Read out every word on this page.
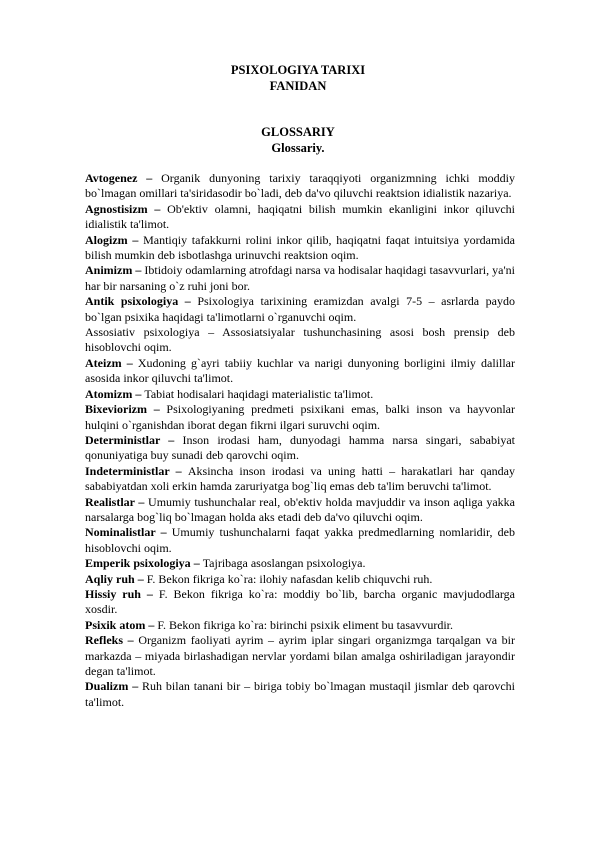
PSIXOLOGIYA TARIXI
FANIDAN
GLOSSARIY
Glossariy.

Avtogenez – Organik dunyoning tarixiy taraqqiyoti organizmning ichki moddiy bo`lmagan omillari ta'siridasodir bo`ladi, deb da'vo qiluvchi reaktsion idialistik nazariya.

Agnostisizm – Ob'ektiv olamni, haqiqatni bilish mumkin ekanligini inkor qiluvchi idialistik ta'limot.

Alogizm – Mantiqiy tafakkurni rolini inkor qilib, haqiqatni faqat intuitsiya yordamida bilish mumkin deb isbotlashga urinuvchi reaktsion oqim.

Animizm – Ibtidoiy odamlarning atrofdagi narsa va hodisalar haqidagi tasavvurlari, ya'ni har bir narsaning o`z ruhi joni bor.

Antik psixologiya – Psixologiya tarixining eramizdan avalgi 7-5 – asrlarda paydo bo`lgan psixika haqidagi ta'limotlarni o`rganuvchi oqim.

Assosiativ psixologiya – Assosiatsiyalar tushunchasining asosi bosh prensip deb hisoblovchi oqim.

Ateizm – Xudoning g`ayri tabiiy kuchlar va narigi dunyoning borligini ilmiy dalillar asosida inkor qiluvchi ta'limot.

Atomizm – Tabiat hodisalari haqidagi materialistic ta'limot.

Bixeviorizm – Psixologiyaning predmeti psixikani emas, balki inson va hayvonlar hulqini o`rganishdan iborat degan fikrni ilgari suruvchi oqim.

Deterministlar – Inson irodasi ham, dunyodagi hamma narsa singari, sababiyat qonuniyatiga buy sunadi deb qarovchi oqim.

Indeterministlar – Aksincha inson irodasi va uning hatti – harakatlari har qanday sababiyatdan xoli erkin hamda zaruriyatga bog`liq emas deb ta'lim beruvchi ta'limot.

Realistlar – Umumiy tushunchalar real, ob'ektiv holda mavjuddir va inson aqliga yakka narsalarga bog`liq bo`lmagan holda aks etadi deb da'vo qiluvchi oqim.

Nominalistlar – Umumiy tushunchalarni faqat yakka predmedlarning nomlaridir, deb hisoblovchi oqim.

Emperik psixologiya – Tajribaga asoslangan psixologiya.

Aqliy ruh – F. Bekon fikriga ko`ra: ilohiy nafasdan kelib chiquvchi ruh.

Hissiy ruh – F. Bekon fikriga ko`ra: moddiy bo`lib, barcha organic mavjudodlarga xosdir.

Psixik atom – F. Bekon fikriga ko`ra: birinchi psixik eliment bu tasavvurdir.

Refleks – Organizm faoliyati ayrim – ayrim iplar singari organizmga tarqalgan va bir markazda – miyada birlashadigan nervlar yordami bilan amalga oshiriladigan jarayondir degan ta'limot.

Dualizm – Ruh bilan tanani bir – biriga tobiy bo`lmagan mustaqil jismlar deb qarovchi ta'limot.
